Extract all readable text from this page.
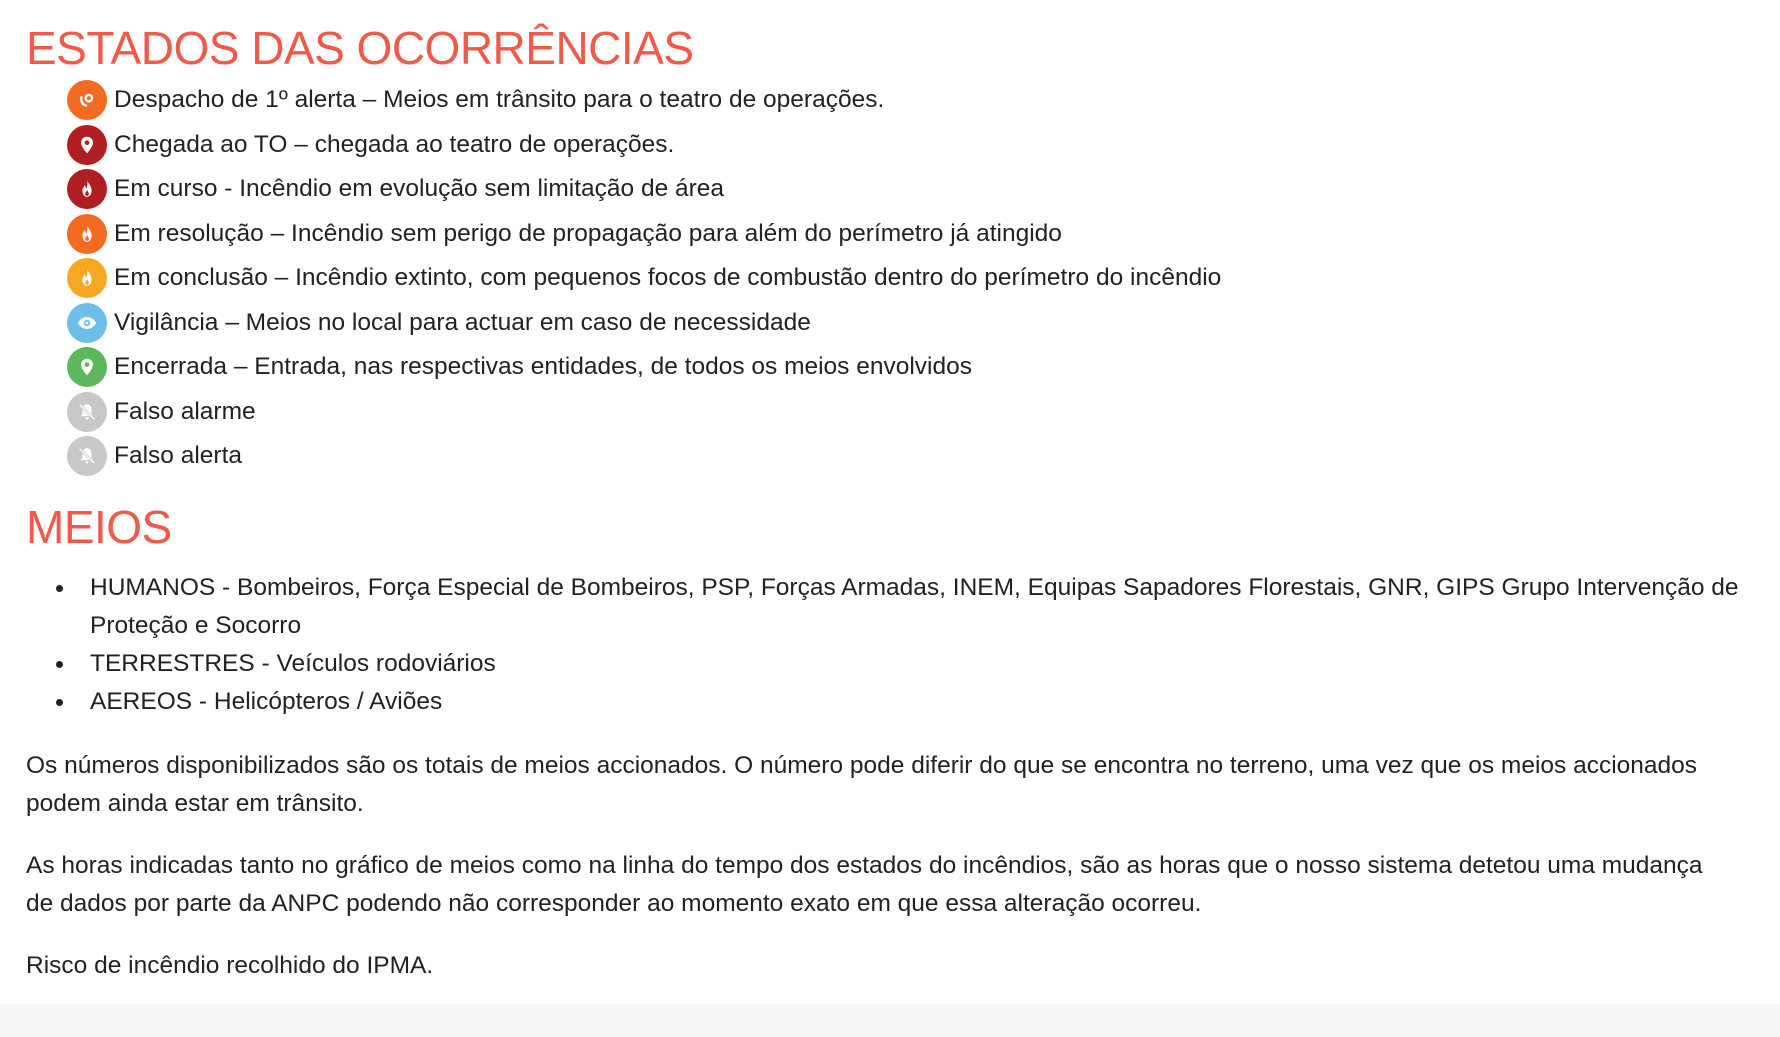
ESTADOS DAS OCORRÊNCIAS
Despacho de 1º alerta – Meios em trânsito para o teatro de operações.
Chegada ao TO – chegada ao teatro de operações.
Em curso - Incêndio em evolução sem limitação de área
Em resolução – Incêndio sem perigo de propagação para além do perímetro já atingido
Em conclusão – Incêndio extinto, com pequenos focos de combustão dentro do perímetro do incêndio
Vigilância – Meios no local para actuar em caso de necessidade
Encerrada – Entrada, nas respectivas entidades, de todos os meios envolvidos
Falso alarme
Falso alerta
MEIOS
HUMANOS - Bombeiros, Força Especial de Bombeiros, PSP, Forças Armadas, INEM, Equipas Sapadores Florestais, GNR, GIPS Grupo Intervenção de Proteção e Socorro
TERRESTRES - Veículos rodoviários
AEREOS - Helicópteros / Aviões

Os números disponibilizados são os totais de meios accionados. O número pode diferir do que se encontra no terreno, uma vez que os meios accionados podem ainda estar em trânsito.

As horas indicadas tanto no gráfico de meios como na linha do tempo dos estados do incêndios, são as horas que o nosso sistema detetou uma mudança de dados por parte da ANPC podendo não corresponder ao momento exato em que essa alteração ocorreu.

Risco de incêndio recolhido do IPMA.
